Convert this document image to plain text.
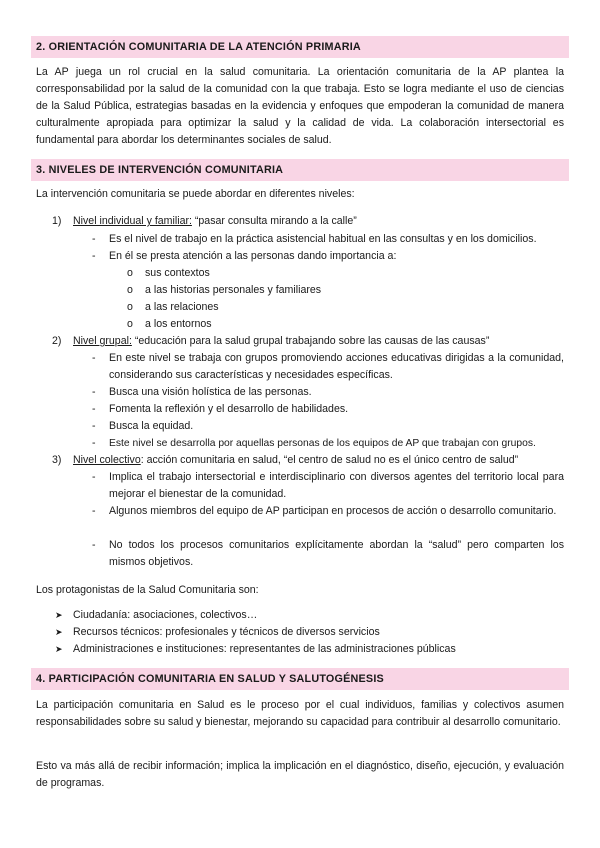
2. ORIENTACIÓN COMUNITARIA DE LA ATENCIÓN PRIMARIA
La AP juega un rol crucial en la salud comunitaria. La orientación comunitaria de la AP plantea la corresponsabilidad por la salud de la comunidad con la que trabaja. Esto se logra mediante el uso de ciencias de la Salud Pública, estrategias basadas en la evidencia y enfoques que empoderan la comunidad de manera culturalmente apropiada para optimizar la salud y la calidad de vida. La colaboración intersectorial es fundamental para abordar los determinantes sociales de salud.
3. NIVELES DE INTERVENCIÓN COMUNITARIA
La intervención comunitaria se puede abordar en diferentes niveles:
1) Nivel individual y familiar: “pasar consulta mirando a la calle”
- Es el nivel de trabajo en la práctica asistencial habitual en las consultas y en los domicilios.
- En él se presta atención a las personas dando importancia a:
o sus contextos
o a las historias personales y familiares
o a las relaciones
o a los entornos
2) Nivel grupal: “educación para la salud grupal trabajando sobre las causas de las causas”
- En este nivel se trabaja con grupos promoviendo acciones educativas dirigidas a la comunidad, considerando sus características y necesidades específicas.
- Busca una visión holística de las personas.
- Fomenta la reflexión y el desarrollo de habilidades.
- Busca la equidad.
- Este nivel se desarrolla por aquellas personas de los equipos de AP que trabajan con grupos.
3) Nivel colectivo: acción comunitaria en salud, “el centro de salud no es el único centro de salud”
- Implica el trabajo intersectorial e interdisciplinario con diversos agentes del territorio local para mejorar el bienestar de la comunidad.
- Algunos miembros del equipo de AP participan en procesos de acción o desarrollo comunitario.
- No todos los procesos comunitarios explícitamente abordan la “salud” pero comparten los mismos objetivos.
Los protagonistas de la Salud Comunitaria son:
➤ Ciudadanía: asociaciones, colectivos…
➤ Recursos técnicos: profesionales y técnicos de diversos servicios
➤ Administraciones e instituciones: representantes de las administraciones públicas
4. PARTICIPACIÓN COMUNITARIA EN SALUD Y SALUTOGÉNESIS
La participación comunitaria en Salud es le proceso por el cual individuos, familias y colectivos asumen responsabilidades sobre su salud y bienestar, mejorando su capacidad para contribuir al desarrollo comunitario.
Esto va más allá de recibir información; implica la implicación en el diagnóstico, diseño, ejecución, y evaluación de programas.
